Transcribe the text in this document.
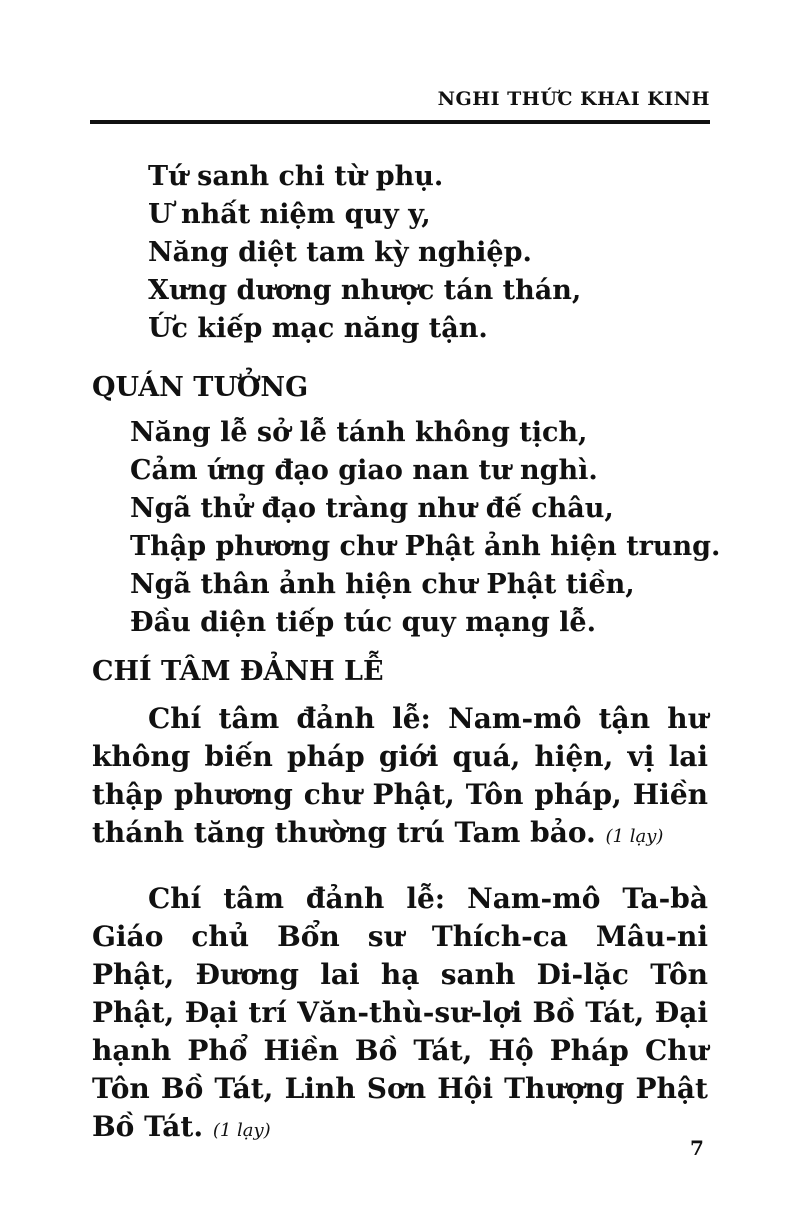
NGHI THỨC KHAI KINH
Tứ sanh chi từ phụ.
Ư nhất niệm quy y,
Năng diệt tam kỳ nghiệp.
Xưng dương nhược tán thán,
Ức kiếp mạc năng tận.
QUÁN TƯỞNG
Năng lễ sở lễ tánh không tịch,
Cảm ứng đạo giao nan tư nghì.
Ngã thử đạo tràng như đế châu,
Thập phương chư Phật ảnh hiện trung.
Ngã thân ảnh hiện chư Phật tiền,
Đầu diện tiếp túc quy mạng lễ.
CHÍ TÂM ĐẢNH LỄ
Chí tâm đảnh lễ: Nam-mô tận hư không biến pháp giới quá, hiện, vị lai thập phương chư Phật, Tôn pháp, Hiền thánh tăng thường trú Tam bảo. (1 lạy)
Chí tâm đảnh lễ: Nam-mô Ta-bà Giáo chủ Bổn sư Thích-ca Mâu-ni Phật, Đương lai hạ sanh Di-lặc Tôn Phật, Đại trí Văn-thù-sư-lợi Bồ Tát, Đại hạnh Phổ Hiền Bồ Tát, Hộ Pháp Chư Tôn Bồ Tát, Linh Sơn Hội Thượng Phật Bồ Tát. (1 lạy)
7
